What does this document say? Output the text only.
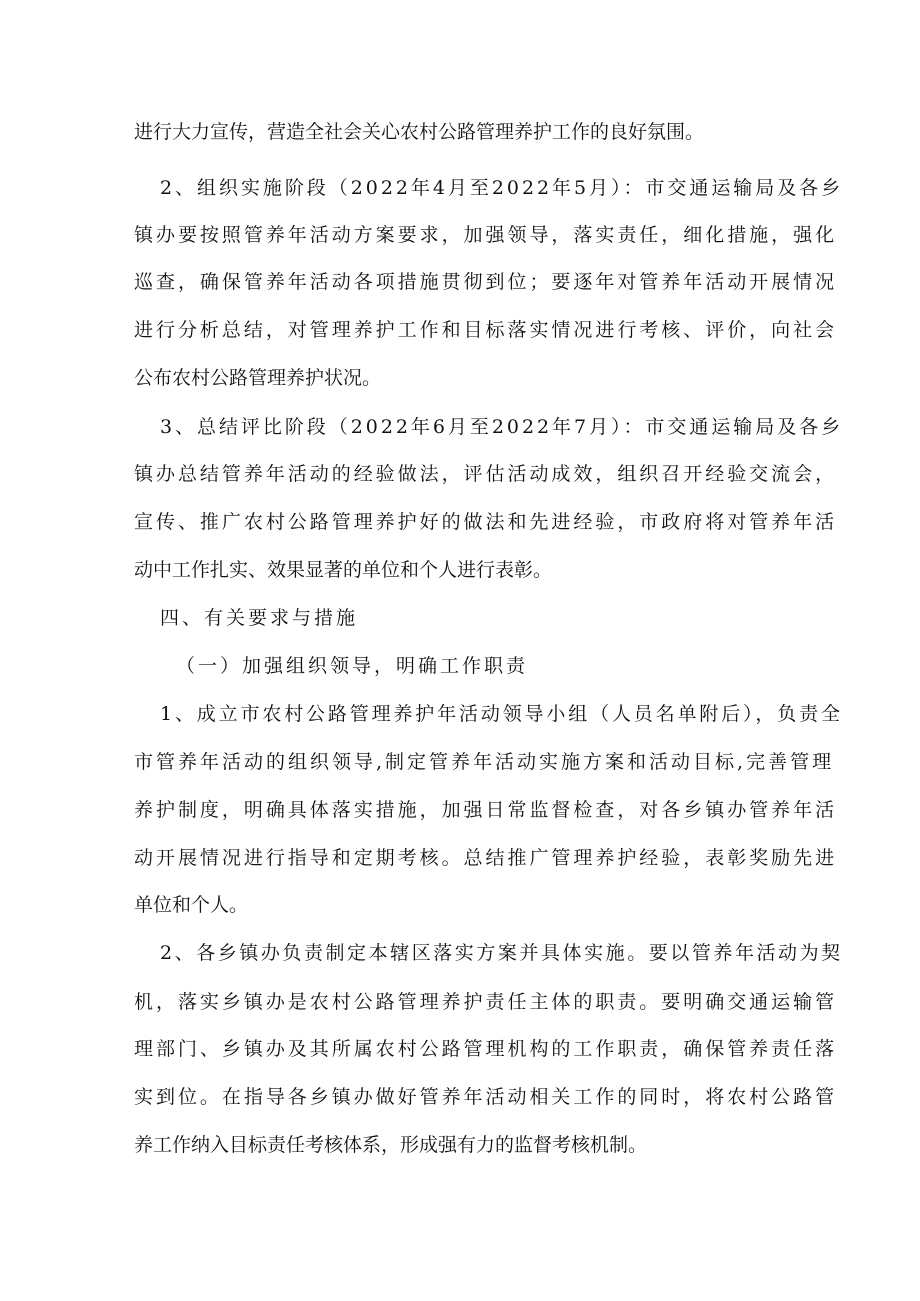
进行大力宣传，营造全社会关心农村公路管理养护工作的良好氛围。
2、组织实施阶段（2022年4月至2022年5月）：市交通运输局及各乡
镇办要按照管养年活动方案要求，加强领导，落实责任，细化措施，强化
巡查，确保管养年活动各项措施贯彻到位；要逐年对管养年活动开展情况
进行分析总结，对管理养护工作和目标落实情况进行考核、评价，向社会
公布农村公路管理养护状况。
3、总结评比阶段（2022年6月至2022年7月）：市交通运输局及各乡
镇办总结管养年活动的经验做法，评估活动成效，组织召开经验交流会，
宣传、推广农村公路管理养护好的做法和先进经验，市政府将对管养年活
动中工作扎实、效果显著的单位和个人进行表彰。
四、有关要求与措施
（一）加强组织领导，明确工作职责
1、成立市农村公路管理养护年活动领导小组（人员名单附后），负责全
市管养年活动的组织领导,制定管养年活动实施方案和活动目标,完善管理
养护制度，明确具体落实措施，加强日常监督检查，对各乡镇办管养年活
动开展情况进行指导和定期考核。总结推广管理养护经验，表彰奖励先进
单位和个人。
2、各乡镇办负责制定本辖区落实方案并具体实施。要以管养年活动为契
机，落实乡镇办是农村公路管理养护责任主体的职责。要明确交通运输管
理部门、乡镇办及其所属农村公路管理机构的工作职责，确保管养责任落
实到位。在指导各乡镇办做好管养年活动相关工作的同时，将农村公路管
养工作纳入目标责任考核体系，形成强有力的监督考核机制。
